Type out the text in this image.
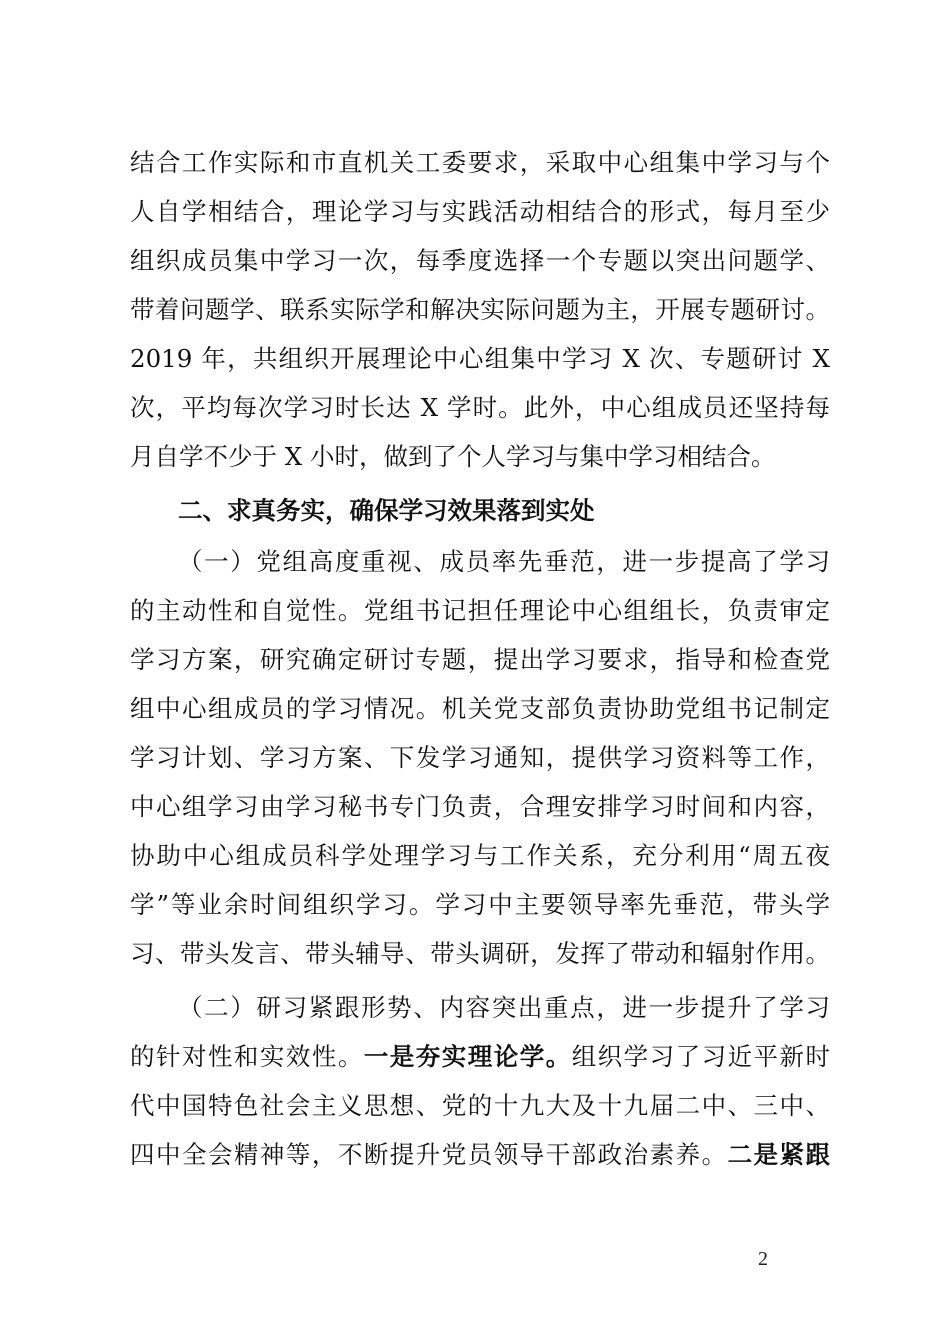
结合工作实际和市直机关工委要求，采取中心组集中学习与个
人自学相结合，理论学习与实践活动相结合的形式，每月至少
组织成员集中学习一次，每季度选择一个专题以突出问题学、
带着问题学、联系实际学和解决实际问题为主，开展专题研讨。
2019 年，共组织开展理论中心组集中学习 X 次、专题研讨 X
次，平均每次学习时长达 X 学时。此外，中心组成员还坚持每
月自学不少于 X 小时，做到了个人学习与集中学习相结合。
二、求真务实，确保学习效果落到实处
（一）党组高度重视、成员率先垂范，进一步提高了学习
的主动性和自觉性。党组书记担任理论中心组组长，负责审定
学习方案，研究确定研讨专题，提出学习要求，指导和检查党
组中心组成员的学习情况。机关党支部负责协助党组书记制定
学习计划、学习方案、下发学习通知，提供学习资料等工作，
中心组学习由学习秘书专门负责，合理安排学习时间和内容，
协助中心组成员科学处理学习与工作关系，充分利用“周五夜
学”等业余时间组织学习。学习中主要领导率先垂范，带头学
习、带头发言、带头辅导、带头调研，发挥了带动和辐射作用。
（二）研习紧跟形势、内容突出重点，进一步提升了学习
的针对性和实效性。一是夯实理论学。组织学习了习近平新时
代中国特色社会主义思想、党的十九大及十九届二中、三中、
四中全会精神等，不断提升党员领导干部政治素养。二是紧跟
2
